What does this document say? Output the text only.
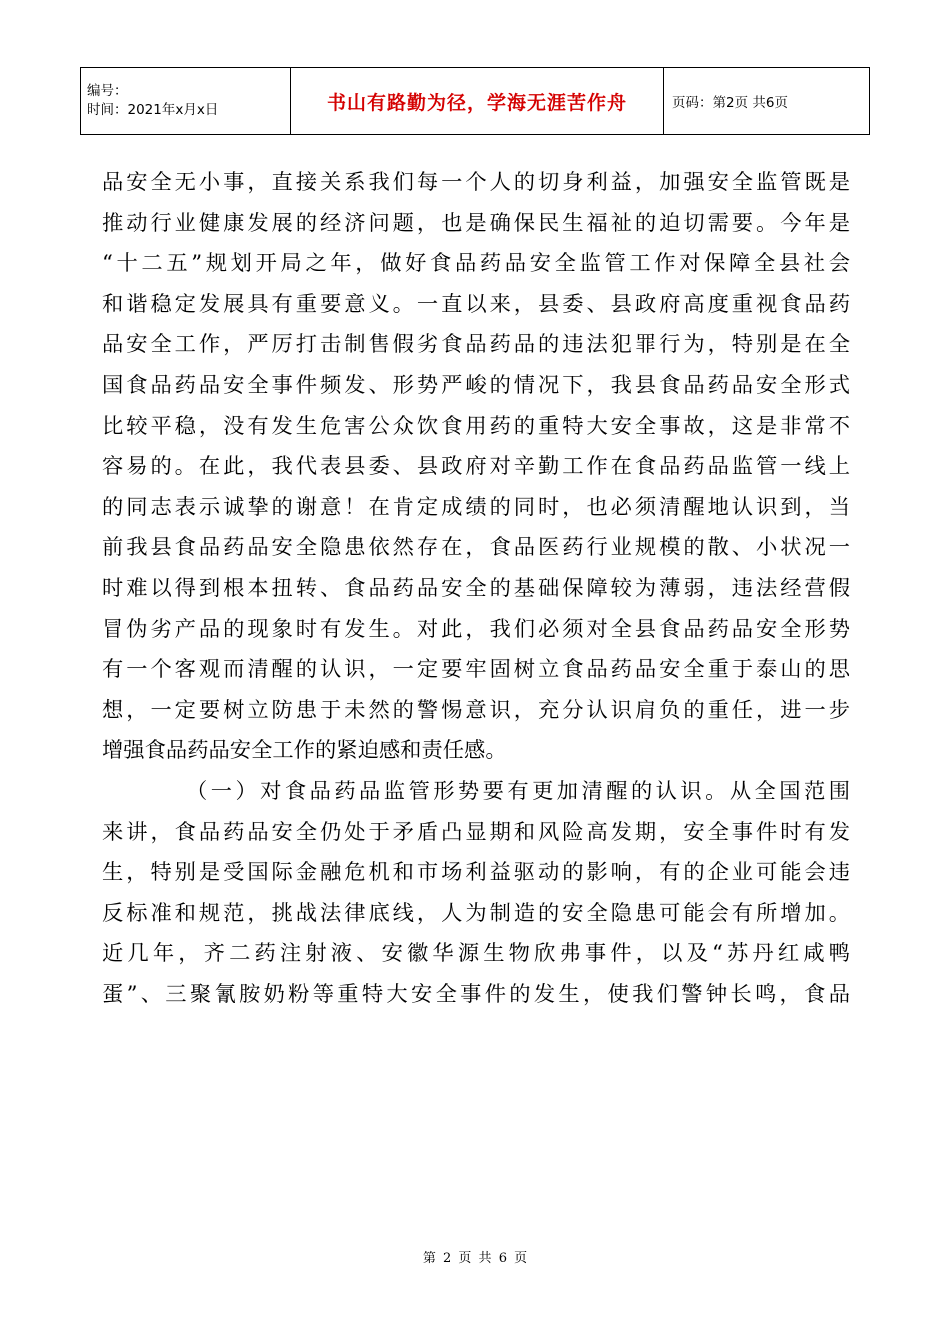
编号：
时间：2021年x月x日	书山有路勤为径，学海无涯苦作舟	页码：第2页 共6页
品安全无小事，直接关系我们每一个人的切身利益，加强安全监管既是
推动行业健康发展的经济问题，也是确保民生福祉的迫切需要。今年是
“十二五”规划开局之年，做好食品药品安全监管工作对保障全县社会
和谐稳定发展具有重要意义。一直以来，县委、县政府高度重视食品药
品安全工作，严厉打击制售假劣食品药品的违法犯罪行为，特别是在全
国食品药品安全事件频发、形势严峻的情况下，我县食品药品安全形式
比较平稳，没有发生危害公众饮食用药的重特大安全事故，这是非常不
容易的。在此，我代表县委、县政府对辛勤工作在食品药品监管一线上
的同志表示诚挚的谢意！在肯定成绩的同时，也必须清醒地认识到，当
前我县食品药品安全隐患依然存在，食品医药行业规模的散、小状况一
时难以得到根本扭转、食品药品安全的基础保障较为薄弱，违法经营假
冒伪劣产品的现象时有发生。对此，我们必须对全县食品药品安全形势
有一个客观而清醒的认识，一定要牢固树立食品药品安全重于泰山的思
想，一定要树立防患于未然的警惕意识，充分认识肩负的重任，进一步
增强食品药品安全工作的紧迫感和责任感。
（一）对食品药品监管形势要有更加清醒的认识。从全国范围
来讲，食品药品安全仍处于矛盾凸显期和风险高发期，安全事件时有发
生，特别是受国际金融危机和市场利益驱动的影响，有的企业可能会违
反标准和规范，挑战法律底线，人为制造的安全隐患可能会有所增加。
近几年，齐二药注射液、安徽华源生物欣弗事件，以及“苏丹红咸鸭
蛋”、三聚氰胺奶粉等重特大安全事件的发生，使我们警钟长鸣，食品
第 2 页 共 6 页
